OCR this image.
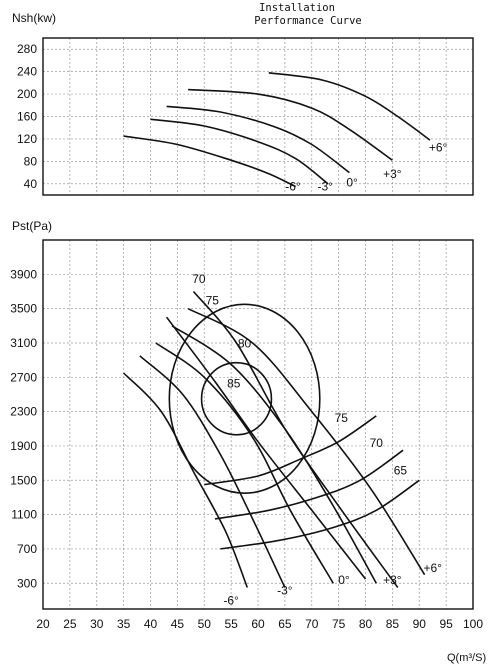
Installation
Performance Curve
Nsh(kw)
Pst(Pa)
Q(m³/S)
40
80
120
160
200
240
280
-6° -3° 0°
+3°
+6°
300
700
1100
1500
1900
2300
2700
3100
3500
3900
20 25 30 35 40 45 50 55 60 65 70 75 80 85 90 95 100
70
75
80
85
75
70
65
-6°
-3°
0°	+3°
+6°
